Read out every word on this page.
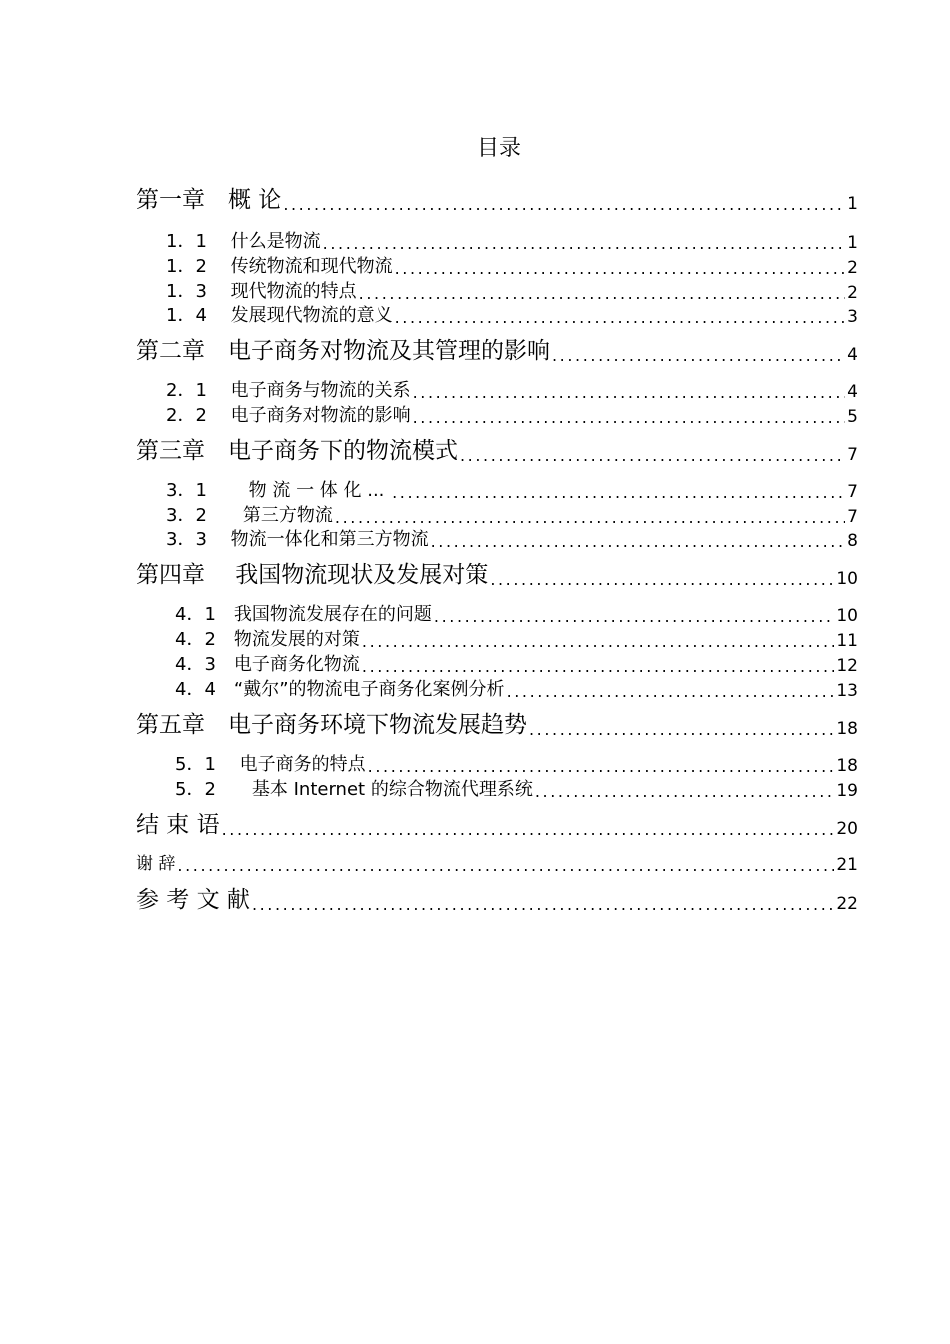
目录
第一章　概 论 .....	1
1．1　 什么是物流 .....	1
1．2　 传统物流和现代物流 .....	2
1．3　 现代物流的特点 .....	2
1．4　 发展现代物流的意义 .....	3
第二章　电子商务对物流及其管理的影响 .....	4
2．1　 电子商务与物流的关系 .....	4
2．2　 电子商务对物流的影响 .....	5
第三章　电子商务下的物流模式 .....	7
3．1　　 物 流 一 体 化 ... .....	7
3．2　　第三方物流 .....	7
3．3　 物流一体化和第三方物流 .....	8
第四章　 我国物流现状及发展对策 .....	10
4．1　我国物流发展存在的问题 .....	10
4．2　物流发展的对策 .....	11
4．3　电子商务化物流 .....	12
4．4　“戴尔”的物流电子商务化案例分析 .....	13
第五章　电子商务环境下物流发展趋势 .....	18
5．1　 电子商务的特点 .....	18
5．2　　基本 Internet 的综合物流代理系统 .....	19
结 束 语 .....	20
谢 辞 .....	21
参 考 文 献 .....	22
